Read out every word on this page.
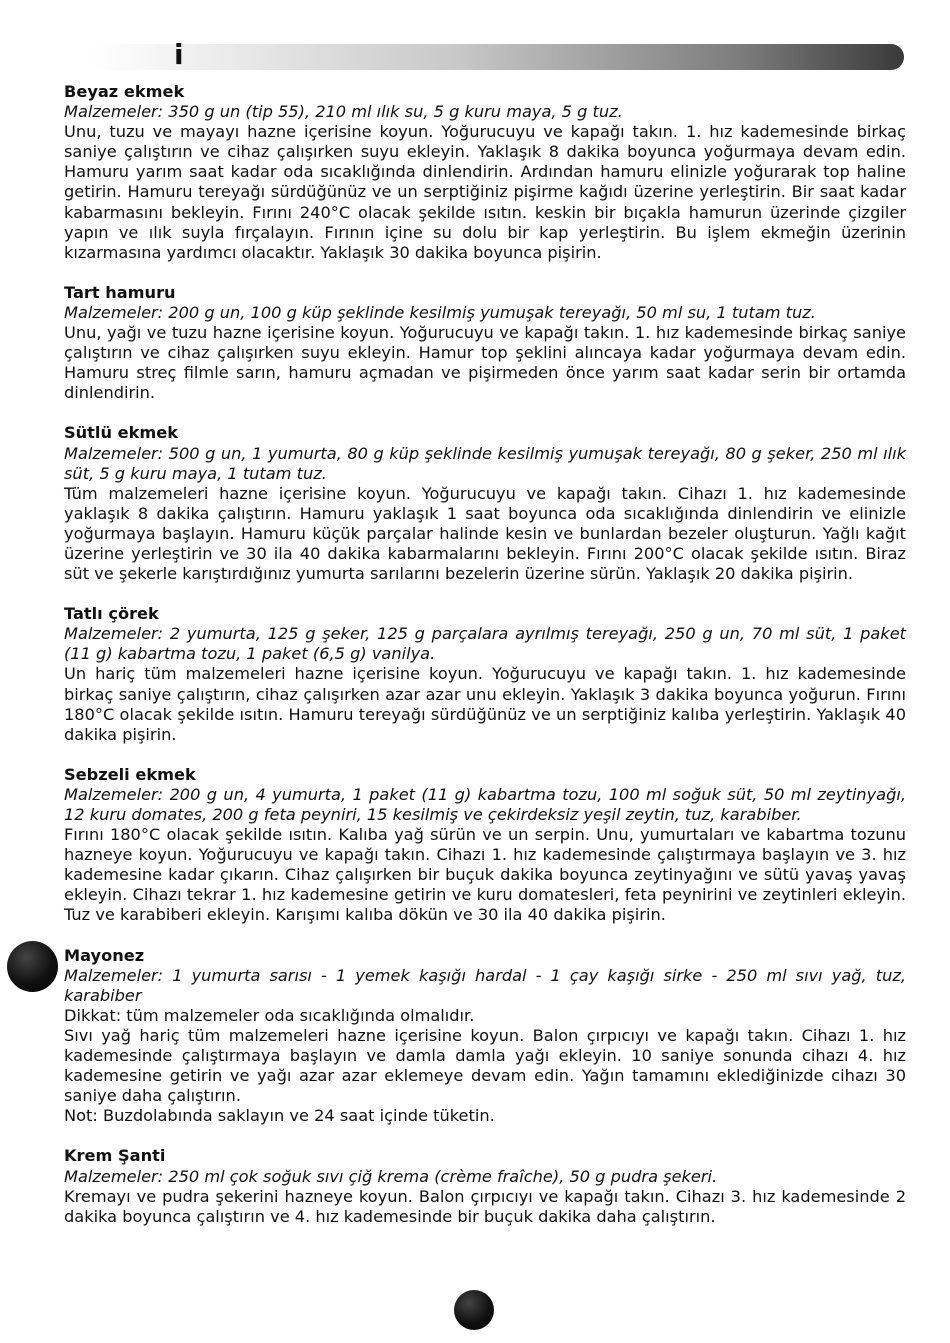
i
Beyaz ekmek
Malzemeler: 350 g un (tip 55), 210 ml ılık su, 5 g kuru maya, 5 g tuz.
Unu, tuzu ve mayayı hazne içerisine koyun. Yoğurucuyu ve kapağı takın. 1. hız kademesinde birkaç saniye çalıştırın ve cihaz çalışırken suyu ekleyin. Yaklaşık 8 dakika boyunca yoğurmaya devam edin. Hamuru yarım saat kadar oda sıcaklığında dinlendirin. Ardından hamuru elinizle yoğurarak top haline getirin. Hamuru tereyağı sürdüğünüz ve un serptiğiniz pişirme kağıdı üzerine yerleştirin. Bir saat kadar kabarmasını bekleyin. Fırını 240°C olacak şekilde ısıtın. keskin bir bıçakla hamurun üzerinde çizgiler yapın ve ılık suyla fırçalayın. Fırının içine su dolu bir kap yerleştirin. Bu işlem ekmeğin üzerinin kızarmasına yardımcı olacaktır. Yaklaşık 30 dakika boyunca pişirin.
Tart hamuru
Malzemeler: 200 g un, 100 g küp şeklinde kesilmiş yumuşak tereyağı, 50 ml su, 1 tutam tuz.
Unu, yağı ve tuzu hazne içerisine koyun. Yoğurucuyu ve kapağı takın. 1. hız kademesinde birkaç saniye çalıştırın ve cihaz çalışırken suyu ekleyin. Hamur top şeklini alıncaya kadar yoğurmaya devam edin. Hamuru streç filmle sarın, hamuru açmadan ve pişirmeden önce yarım saat kadar serin bir ortamda dinlendirin.
Sütlü ekmek
Malzemeler: 500 g un, 1 yumurta, 80 g küp şeklinde kesilmiş yumuşak tereyağı, 80 g şeker, 250 ml ılık süt, 5 g kuru maya, 1 tutam tuz.
Tüm malzemeleri hazne içerisine koyun. Yoğurucuyu ve kapağı takın. Cihazı 1. hız kademesinde yaklaşık 8 dakika çalıştırın. Hamuru yaklaşık 1 saat boyunca oda sıcaklığında dinlendirin ve elinizle yoğurmaya başlayın. Hamuru küçük parçalar halinde kesin ve bunlardan bezeler oluşturun. Yağlı kağıt üzerine yerleştirin ve 30 ila 40 dakika kabarmalarını bekleyin. Fırını 200°C olacak şekilde ısıtın. Biraz süt ve şekerle karıştırdığınız yumurta sarılarını bezelerin üzerine sürün. Yaklaşık 20 dakika pişirin.
Tatlı çörek
Malzemeler: 2 yumurta, 125 g şeker, 125 g parçalara ayrılmış tereyağı, 250 g un, 70 ml süt, 1 paket (11 g) kabartma tozu, 1 paket (6,5 g) vanilya.
Un hariç tüm malzemeleri hazne içerisine koyun. Yoğurucuyu ve kapağı takın. 1. hız kademesinde birkaç saniye çalıştırın, cihaz çalışırken azar azar unu ekleyin. Yaklaşık 3 dakika boyunca yoğurun. Fırını 180°C olacak şekilde ısıtın. Hamuru tereyağı sürdüğünüz ve un serptiğiniz kalıba yerleştirin. Yaklaşık 40 dakika pişirin.
Sebzeli ekmek
Malzemeler: 200 g un, 4 yumurta, 1 paket (11 g) kabartma tozu, 100 ml soğuk süt, 50 ml zeytinyağı, 12 kuru domates, 200 g feta peyniri, 15 kesilmiş ve çekirdeksiz yeşil zeytin, tuz, karabiber.
Fırını 180°C olacak şekilde ısıtın. Kalıba yağ sürün ve un serpin. Unu, yumurtaları ve kabartma tozunu hazneye koyun. Yoğurucuyu ve kapağı takın. Cihazı 1. hız kademesinde çalıştırmaya başlayın ve 3. hız kademesine kadar çıkarın. Cihaz çalışırken bir buçuk dakika boyunca zeytinyağını ve sütü yavaş yavaş ekleyin. Cihazı tekrar 1. hız kademesine getirin ve kuru domatesleri, feta peynirini ve zeytinleri ekleyin. Tuz ve karabiberi ekleyin. Karışımı kalıba dökün ve 30 ila 40 dakika pişirin.
Mayonez
Malzemeler: 1 yumurta sarısı - 1 yemek kaşığı hardal - 1 çay kaşığı sirke - 250 ml sıvı yağ, tuz, karabiber
Dikkat: tüm malzemeler oda sıcaklığında olmalıdır.
Sıvı yağ hariç tüm malzemeleri hazne içerisine koyun. Balon çırpıcıyı ve kapağı takın. Cihazı 1. hız kademesinde çalıştırmaya başlayın ve damla damla yağı ekleyin. 10 saniye sonunda cihazı 4. hız kademesine getirin ve yağı azar azar eklemeye devam edin. Yağın tamamını eklediğinizde cihazı 30 saniye daha çalıştırın.
Not: Buzdolabında saklayın ve 24 saat içinde tüketin.
Krem Şanti
Malzemeler: 250 ml çok soğuk sıvı çiğ krema (crème fraîche), 50 g pudra şekeri.
Kremayı ve pudra şekerini hazneye koyun. Balon çırpıcıyı ve kapağı takın. Cihazı 3. hız kademesinde 2 dakika boyunca çalıştırın ve 4. hız kademesinde bir buçuk dakika daha çalıştırın.
